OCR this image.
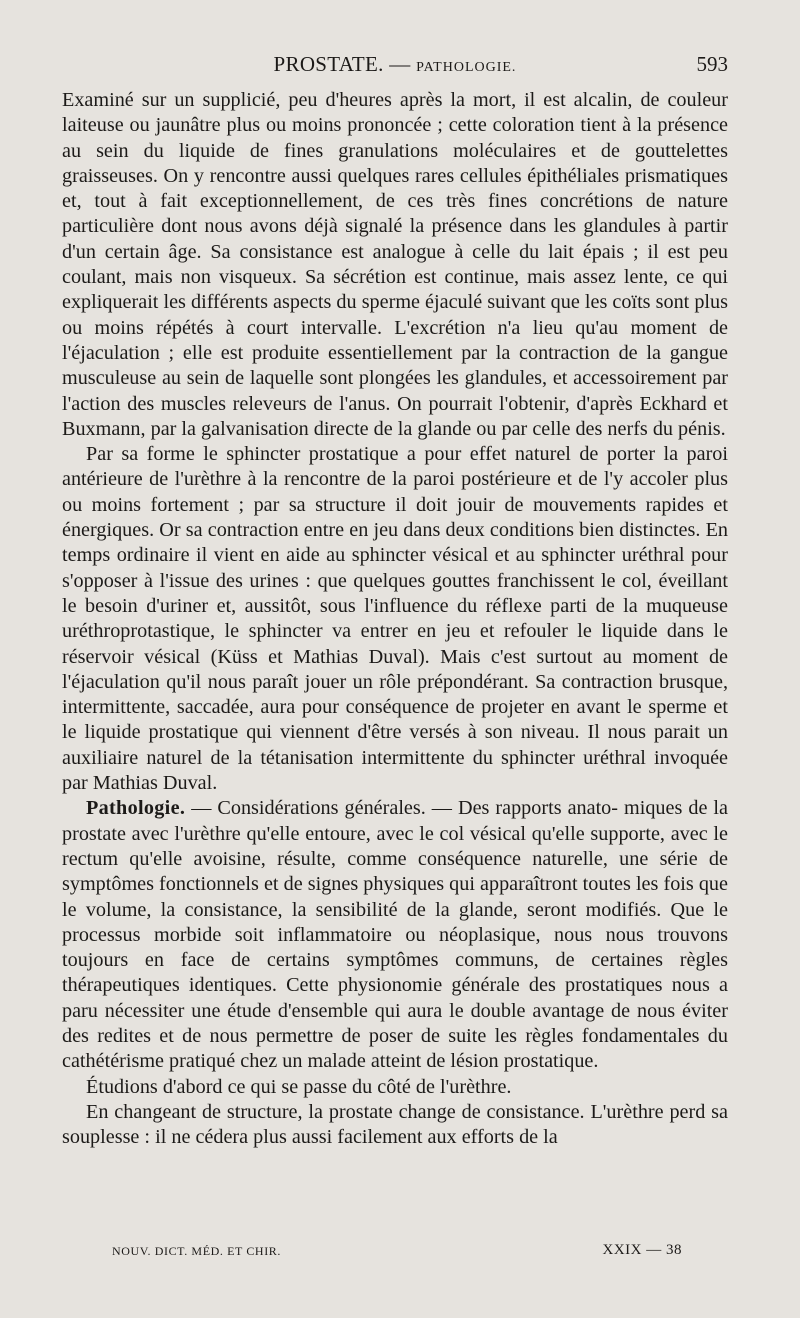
PROSTATE. — PATHOLOGIE.	593

Examiné sur un supplicié, peu d'heures après la mort, il est alcalin, de couleur laiteuse ou jaunâtre plus ou moins prononcée ; cette coloration tient à la présence au sein du liquide de fines granulations moléculaires et de gouttelettes graisseuses. On y rencontre aussi quelques rares cellules épithéliales prismatiques et, tout à fait exceptionnellement, de ces très fines concrétions de nature particulière dont nous avons déjà signalé la présence dans les glandules à partir d'un certain âge. Sa consistance est analogue à celle du lait épais ; il est peu coulant, mais non visqueux. Sa sécrétion est continue, mais assez lente, ce qui expliquerait les différents aspects du sperme éjaculé suivant que les coïts sont plus ou moins répétés à court intervalle. L'excrétion n'a lieu qu'au moment de l'éjaculation ; elle est produite essentiellement par la contraction de la gangue musculeuse au sein de laquelle sont plongées les glandules, et accessoirement par l'action des muscles releveurs de l'anus. On pourrait l'obtenir, d'après Eckhard et Buxmann, par la galvanisation directe de la glande ou par celle des nerfs du pénis.

Par sa forme le sphincter prostatique a pour effet naturel de porter la paroi antérieure de l'urèthre à la rencontre de la paroi postérieure et de l'y accoler plus ou moins fortement ; par sa structure il doit jouir de mouvements rapides et énergiques. Or sa contraction entre en jeu dans deux conditions bien distinctes. En temps ordinaire il vient en aide au sphincter vésical et au sphincter uréthral pour s'opposer à l'issue des urines : que quelques gouttes franchissent le col, éveillant le besoin d'uriner et, aussitôt, sous l'influence du réflexe parti de la muqueuse uréthroprotastique, le sphincter va entrer en jeu et refouler le liquide dans le réservoir vésical (Küss et Mathias Duval). Mais c'est surtout au moment de l'éjaculation qu'il nous paraît jouer un rôle prépondérant. Sa contraction brusque, intermittente, saccadée, aura pour conséquence de projeter en avant le sperme et le liquide prostatique qui viennent d'être versés à son niveau. Il nous parait un auxiliaire naturel de la tétanisation intermittente du sphincter uréthral invoquée par Mathias Duval.

Pathologie. — Considérations générales. — Des rapports anato- miques de la prostate avec l'urèthre qu'elle entoure, avec le col vésical qu'elle supporte, avec le rectum qu'elle avoisine, résulte, comme conséquence naturelle, une série de symptômes fonctionnels et de signes physiques qui apparaîtront toutes les fois que le volume, la consistance, la sensibilité de la glande, seront modifiés. Que le processus morbide soit inflammatoire ou néoplasique, nous nous trouvons toujours en face de certains symptômes communs, de certaines règles thérapeutiques identiques. Cette physionomie générale des prostatiques nous a paru nécessiter une étude d'ensemble qui aura le double avantage de nous éviter des redites et de nous permettre de poser de suite les règles fondamentales du cathétérisme pratiqué chez un malade atteint de lésion prostatique.

Étudions d'abord ce qui se passe du côté de l'urèthre.

En changeant de structure, la prostate change de consistance. L'urèthre perd sa souplesse : il ne cédera plus aussi facilement aux efforts de la

NOUV. DICT. MÉD. ET CHIR.	XXIX — 38
